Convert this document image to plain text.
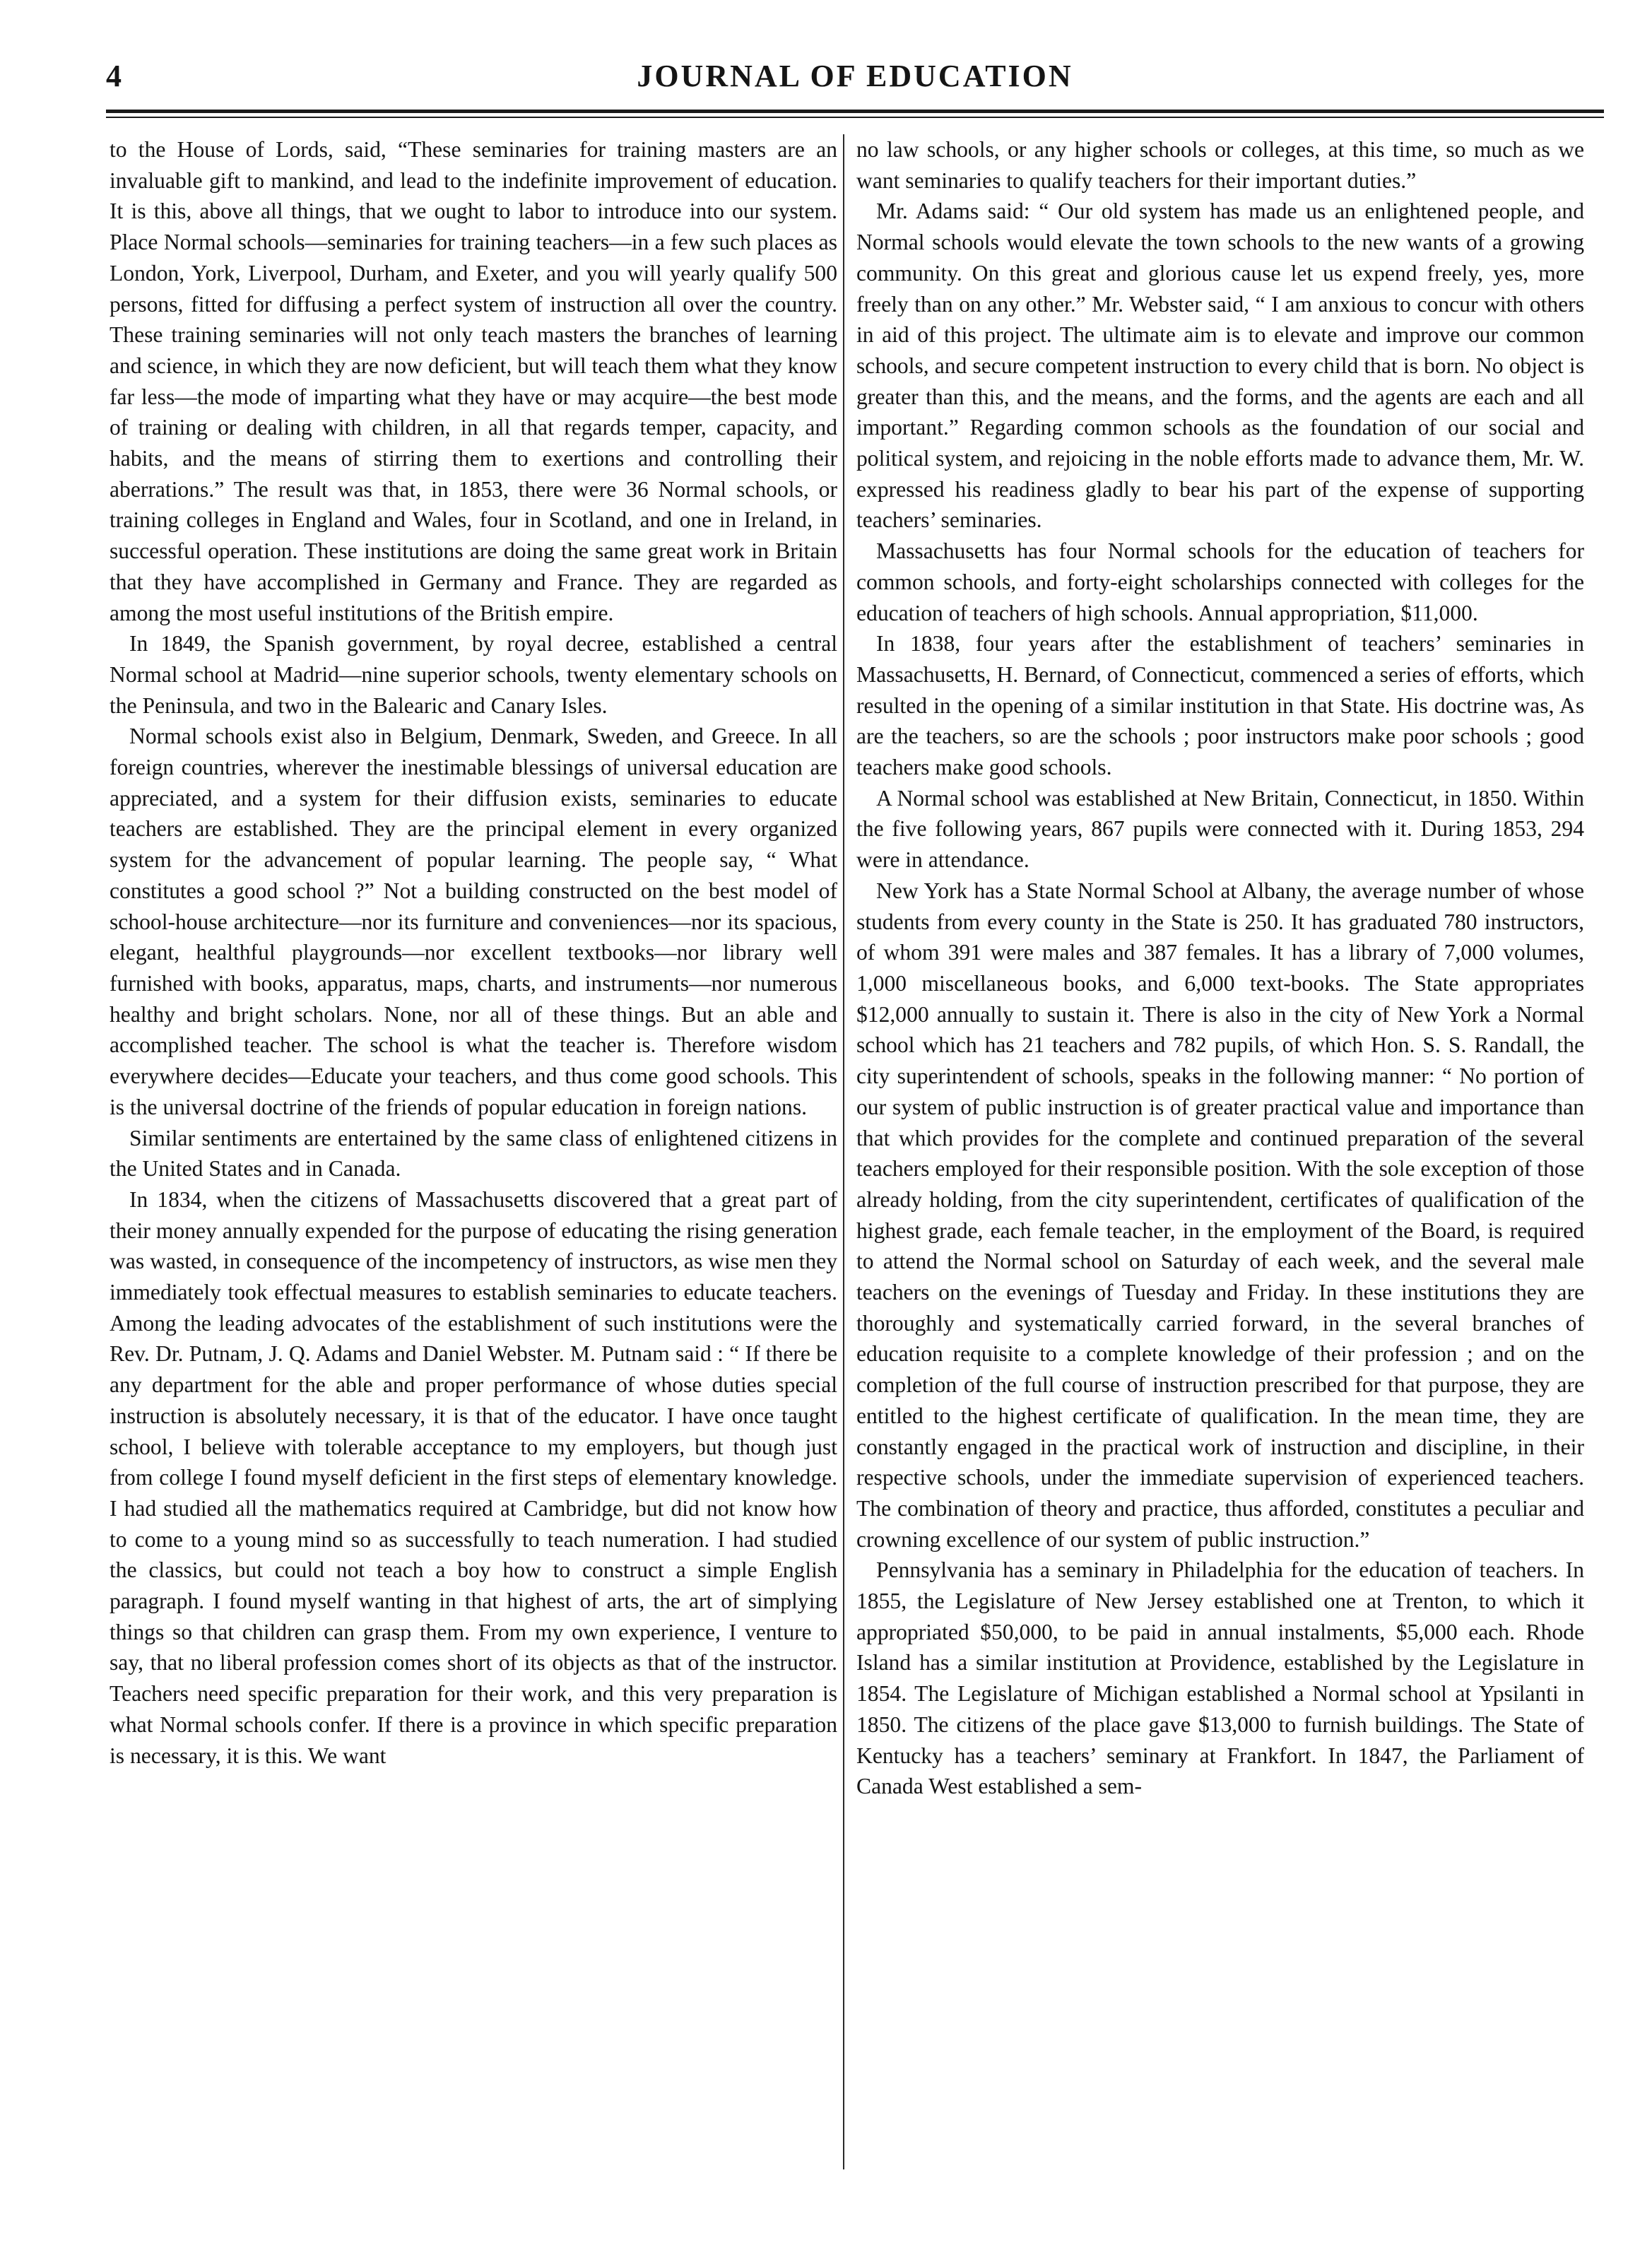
4	JOURNAL OF EDUCATION

to the House of Lords, said, “These seminaries for training masters are an invaluable gift to mankind, and lead to the indefinite improvement of education. It is this, above all things, that we ought to labor to introduce into our system. Place Normal schools—seminaries for training teachers—in a few such places as London, York, Liverpool, Durham, and Exeter, and you will yearly qualify 500 persons, fitted for diffusing a perfect system of instruction all over the country. These training seminaries will not only teach masters the branches of learning and science, in which they are now deficient, but will teach them what they know far less—the mode of imparting what they have or may acquire—the best mode of training or dealing with children, in all that regards temper, capacity, and habits, and the means of stirring them to exertions and controlling their aberrations.” The result was that, in 1853, there were 36 Normal schools, or training colleges in England and Wales, four in Scotland, and one in Ireland, in successful operation. These institutions are doing the same great work in Britain that they have accomplished in Germany and France. They are regarded as among the most useful institutions of the British empire.

In 1849, the Spanish government, by royal decree, established a central Normal school at Madrid—nine superior schools, twenty elementary schools on the Peninsula, and two in the Balearic and Canary Isles.

Normal schools exist also in Belgium, Denmark, Sweden, and Greece. In all foreign countries, wherever the inestimable blessings of universal education are appreciated, and a system for their diffusion exists, seminaries to educate teachers are established. They are the principal element in every organized system for the advancement of popular learning. The people say, “ What constitutes a good school ?” Not a building constructed on the best model of school-house architecture—nor its furniture and conveniences—nor its spacious, elegant, healthful playgrounds—nor excellent textbooks—nor library well furnished with books, apparatus, maps, charts, and instruments—nor numerous healthy and bright scholars. None, nor all of these things. But an able and accomplished teacher. The school is what the teacher is. Therefore wisdom everywhere decides—Educate your teachers, and thus come good schools. This is the universal doctrine of the friends of popular education in foreign nations.

Similar sentiments are entertained by the same class of enlightened citizens in the United States and in Canada.

In 1834, when the citizens of Massachusetts discovered that a great part of their money annually expended for the purpose of educating the rising generation was wasted, in consequence of the incompetency of instructors, as wise men they immediately took effectual measures to establish seminaries to educate teachers. Among the leading advocates of the establishment of such institutions were the Rev. Dr. Putnam, J. Q. Adams and Daniel Webster. M. Putnam said : “ If there be any department for the able and proper performance of whose duties special instruction is absolutely necessary, it is that of the educator. I have once taught school, I believe with tolerable acceptance to my employers, but though just from college I found myself deficient in the first steps of elementary knowledge. I had studied all the mathematics required at Cambridge, but did not know how to come to a young mind so as successfully to teach numeration. I had studied the classics, but could not teach a boy how to construct a simple English paragraph. I found myself wanting in that highest of arts, the art of simplying things so that children can grasp them. From my own experience, I venture to say, that no liberal profession comes short of its objects as that of the instructor. Teachers need specific preparation for their work, and this very preparation is what Normal schools confer. If there is a province in which specific preparation is necessary, it is this. We want

no law schools, or any higher schools or colleges, at this time, so much as we want seminaries to qualify teachers for their important duties.”

Mr. Adams said: “ Our old system has made us an enlightened people, and Normal schools would elevate the town schools to the new wants of a growing community. On this great and glorious cause let us expend freely, yes, more freely than on any other.” Mr. Webster said, “ I am anxious to concur with others in aid of this project. The ultimate aim is to elevate and improve our common schools, and secure competent instruction to every child that is born. No object is greater than this, and the means, and the forms, and the agents are each and all important.” Regarding common schools as the foundation of our social and political system, and rejoicing in the noble efforts made to advance them, Mr. W. expressed his readiness gladly to bear his part of the expense of supporting teachers’ seminaries.

Massachusetts has four Normal schools for the education of teachers for common schools, and forty-eight scholarships connected with colleges for the education of teachers of high schools. Annual appropriation, $11,000.

In 1838, four years after the establishment of teachers’ seminaries in Massachusetts, H. Bernard, of Connecticut, commenced a series of efforts, which resulted in the opening of a similar institution in that State. His doctrine was, As are the teachers, so are the schools ; poor instructors make poor schools ; good teachers make good schools.

A Normal school was established at New Britain, Connecticut, in 1850. Within the five following years, 867 pupils were connected with it. During 1853, 294 were in attendance.

New York has a State Normal School at Albany, the average number of whose students from every county in the State is 250. It has graduated 780 instructors, of whom 391 were males and 387 females. It has a library of 7,000 volumes, 1,000 miscellaneous books, and 6,000 text-books. The State appropriates $12,000 annually to sustain it. There is also in the city of New York a Normal school which has 21 teachers and 782 pupils, of which Hon. S. S. Randall, the city superintendent of schools, speaks in the following manner: “ No portion of our system of public instruction is of greater practical value and importance than that which provides for the complete and continued preparation of the several teachers employed for their responsible position. With the sole exception of those already holding, from the city superintendent, certificates of qualification of the highest grade, each female teacher, in the employment of the Board, is required to attend the Normal school on Saturday of each week, and the several male teachers on the evenings of Tuesday and Friday. In these institutions they are thoroughly and systematically carried forward, in the several branches of education requisite to a complete knowledge of their profession ; and on the completion of the full course of instruction prescribed for that purpose, they are entitled to the highest certificate of qualification. In the mean time, they are constantly engaged in the practical work of instruction and discipline, in their respective schools, under the immediate supervision of experienced teachers. The combination of theory and practice, thus afforded, constitutes a peculiar and crowning excellence of our system of public instruction.”

Pennsylvania has a seminary in Philadelphia for the education of teachers. In 1855, the Legislature of New Jersey established one at Trenton, to which it appropriated $50,000, to be paid in annual instalments, $5,000 each. Rhode Island has a similar institution at Providence, established by the Legislature in 1854. The Legislature of Michigan established a Normal school at Ypsilanti in 1850. The citizens of the place gave $13,000 to furnish buildings. The State of Kentucky has a teachers’ seminary at Frankfort. In 1847, the Parliament of Canada West established a sem-
